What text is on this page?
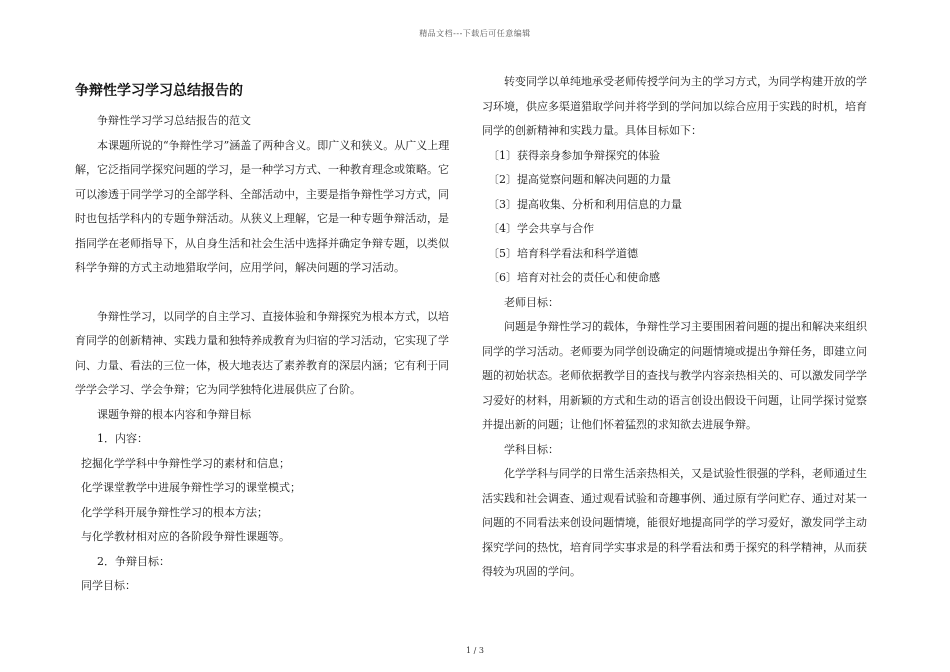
精品文档---下载后可任意编辑
争辩性学习学习总结报告的

争辩性学习学习总结报告的范文

本课题所说的“争辩性学习”涵盖了两种含义。即广义和狭义。从广义上理解，它泛指同学探究问题的学习，是一种学习方式、一种教育理念或策略。它可以渗透于同学学习的全部学科、全部活动中，主要是指争辩性学习方式，同时也包括学科内的专题争辩活动。从狭义上理解，它是一种专题争辩活动，是指同学在老师指导下，从自身生活和社会生活中选择并确定争辩专题，以类似科学争辩的方式主动地猎取学问，应用学问，解决问题的学习活动。

争辩性学习，以同学的自主学习、直接体验和争辩探究为根本方式，以培育同学的创新精神、实践力量和独特养成教育为归宿的学习活动，它实现了学问、力量、看法的三位一体，极大地表达了素养教育的深层内涵；它有利于同学学会学习、学会争辩；它为同学独特化进展供应了台阶。

课题争辩的根本内容和争辩目标

1．内容：

挖掘化学学科中争辩性学习的素材和信息；

化学课堂教学中进展争辩性学习的课堂模式；

化学学科开展争辩性学习的根本方法；

与化学教材相对应的各阶段争辩性课题等。

2．争辩目标：

同学目标：

转变同学以单纯地承受老师传授学问为主的学习方式，为同学构建开放的学习环境，供应多渠道猎取学问并将学到的学问加以综合应用于实践的时机，培育同学的创新精神和实践力量。具体目标如下：

〔1〕获得亲身参加争辩探究的体验

〔2〕提高觉察问题和解决问题的力量

〔3〕提高收集、分析和利用信息的力量

〔4〕学会共享与合作

〔5〕培育科学看法和科学道德

〔6〕培育对社会的责任心和使命感

老师目标：

问题是争辩性学习的载体，争辩性学习主要围困着问题的提出和解决来组织同学的学习活动。老师要为同学创设确定的问题情境或提出争辩任务，即建立问题的初始状态。老师依据教学目的查找与教学内容亲热相关的、可以激发同学学习爱好的材料，用新颖的方式和生动的语言创设出假设干问题，让同学探讨觉察并提出新的问题；让他们怀着猛烈的求知欲去进展争辩。

学科目标：

化学学科与同学的日常生活亲热相关，又是试验性很强的学科，老师通过生活实践和社会调查、通过观看试验和奇趣事例、通过原有学问贮存、通过对某一问题的不同看法来创设问题情境，能很好地提高同学的学习爱好，激发同学主动探究学问的热忱，培育同学实事求是的科学看法和勇于探究的科学精神，从而获得较为巩固的学问。

1 / 3
